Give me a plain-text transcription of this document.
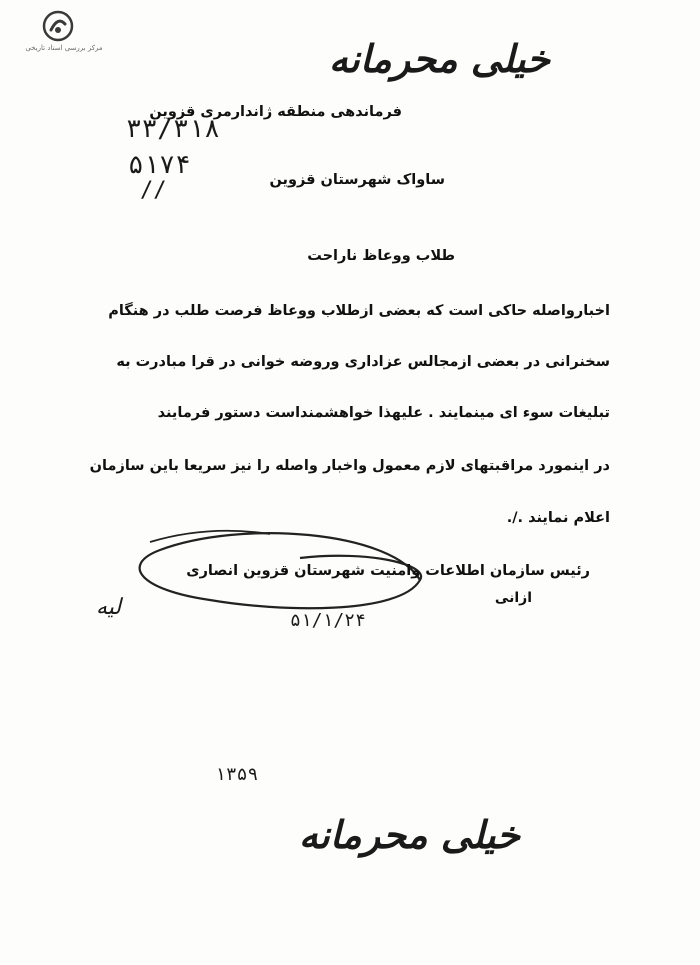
مرکز بررسی اسناد تاریخی	خیلی محرمانه
فرماندهی منطقه ژاندارمری قزوین
۳۳/۳۱۸
۵۱۷۴
//	ساواک شهرستان قزوین
طلاب ووعاظ ناراحت
اخبارواصله حاکی است که بعضی ازطلاب ووعاظ فرصت طلب در هنگام
سخنرانی در بعضی ازمجالس عزاداری وروضه خوانی در قرا مبادرت به
تبلیغات سوء ای مینمایند . علیهذا خواهشمنداست دستور فرمایند
در اینمورد مراقبتهای لازم معمول واخبار واصله را نیز سریعا باین سازمان
اعلام نمایند ./.
رئیس سازمان اطلاعات وامنیت شهرستان قزوین انصاری
ازانی
۵۱/۱/۲۴
لیه
۱۳۵۹
خیلی محرمانه
